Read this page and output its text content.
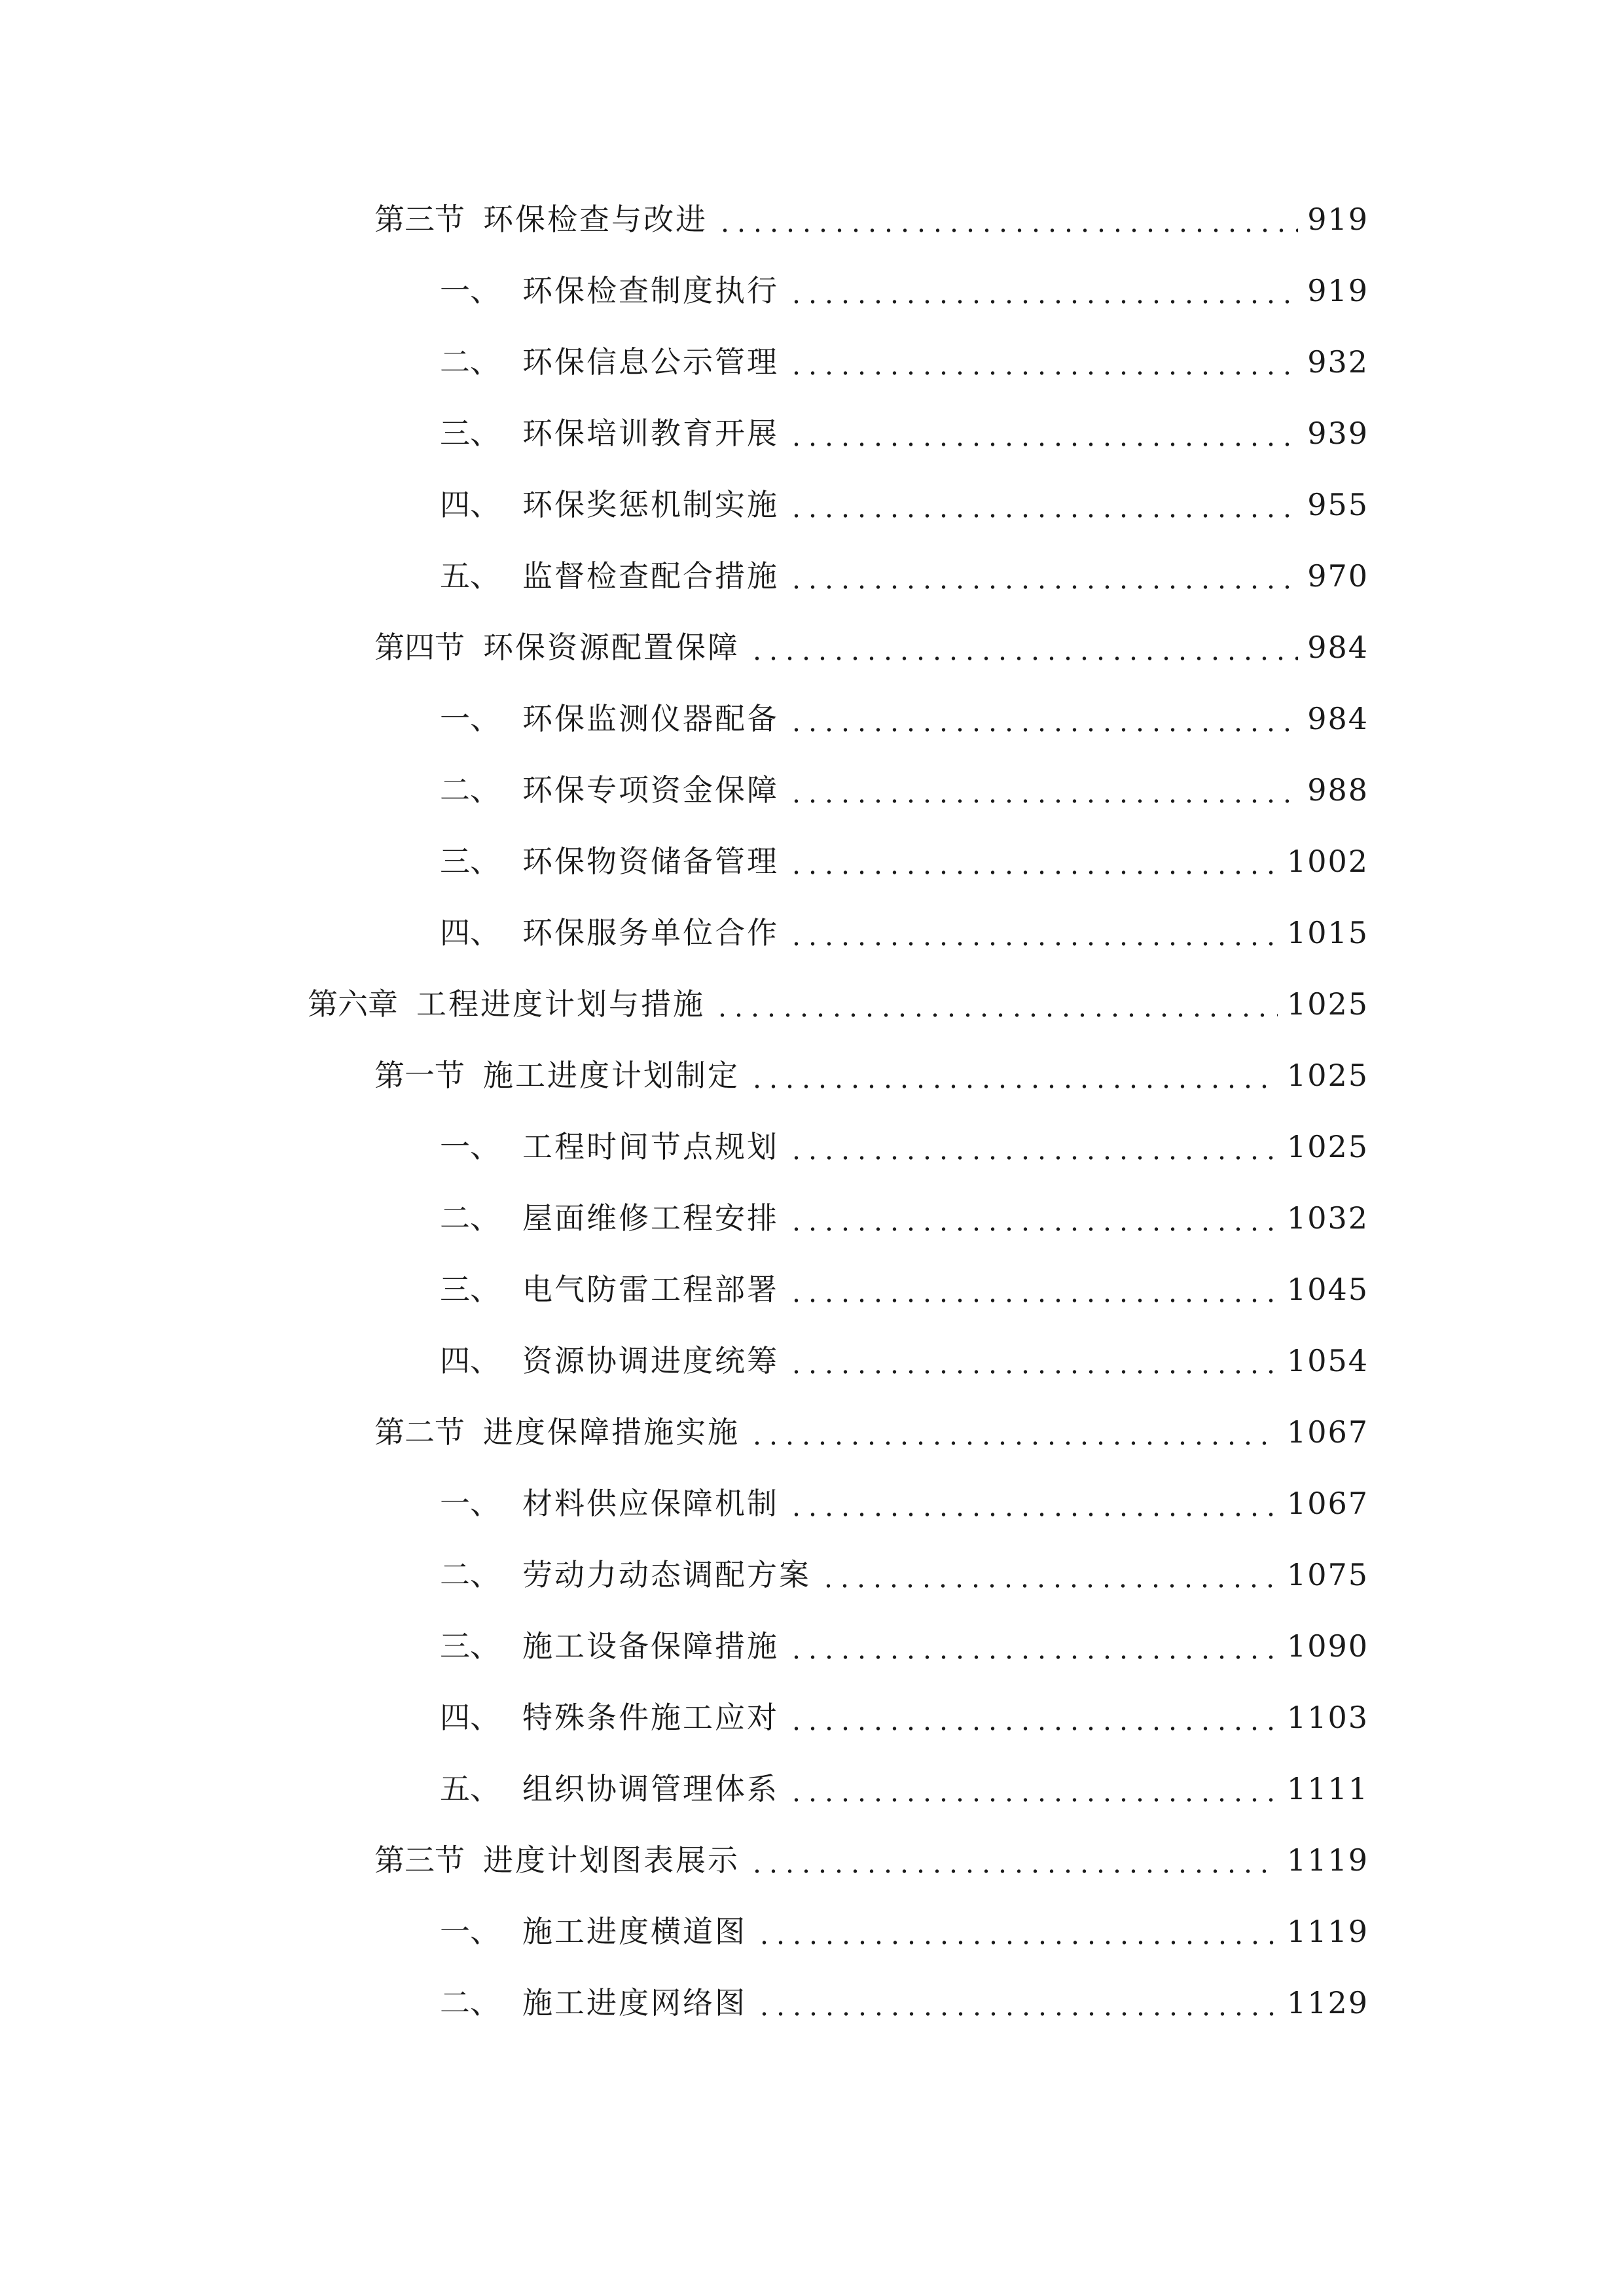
第三节 环保检查与改进	919
一、 环保检查制度执行	919
二、 环保信息公示管理	932
三、 环保培训教育开展	939
四、 环保奖惩机制实施	955
五、 监督检查配合措施	970
第四节 环保资源配置保障	984
一、 环保监测仪器配备	984
二、 环保专项资金保障	988
三、 环保物资储备管理	1002
四、 环保服务单位合作	1015
第六章 工程进度计划与措施	1025
第一节 施工进度计划制定	1025
一、 工程时间节点规划	1025
二、 屋面维修工程安排	1032
三、 电气防雷工程部署	1045
四、 资源协调进度统筹	1054
第二节 进度保障措施实施	1067
一、 材料供应保障机制	1067
二、 劳动力动态调配方案	1075
三、 施工设备保障措施	1090
四、 特殊条件施工应对	1103
五、 组织协调管理体系	1111
第三节 进度计划图表展示	1119
一、 施工进度横道图	1119
二、 施工进度网络图	1129
